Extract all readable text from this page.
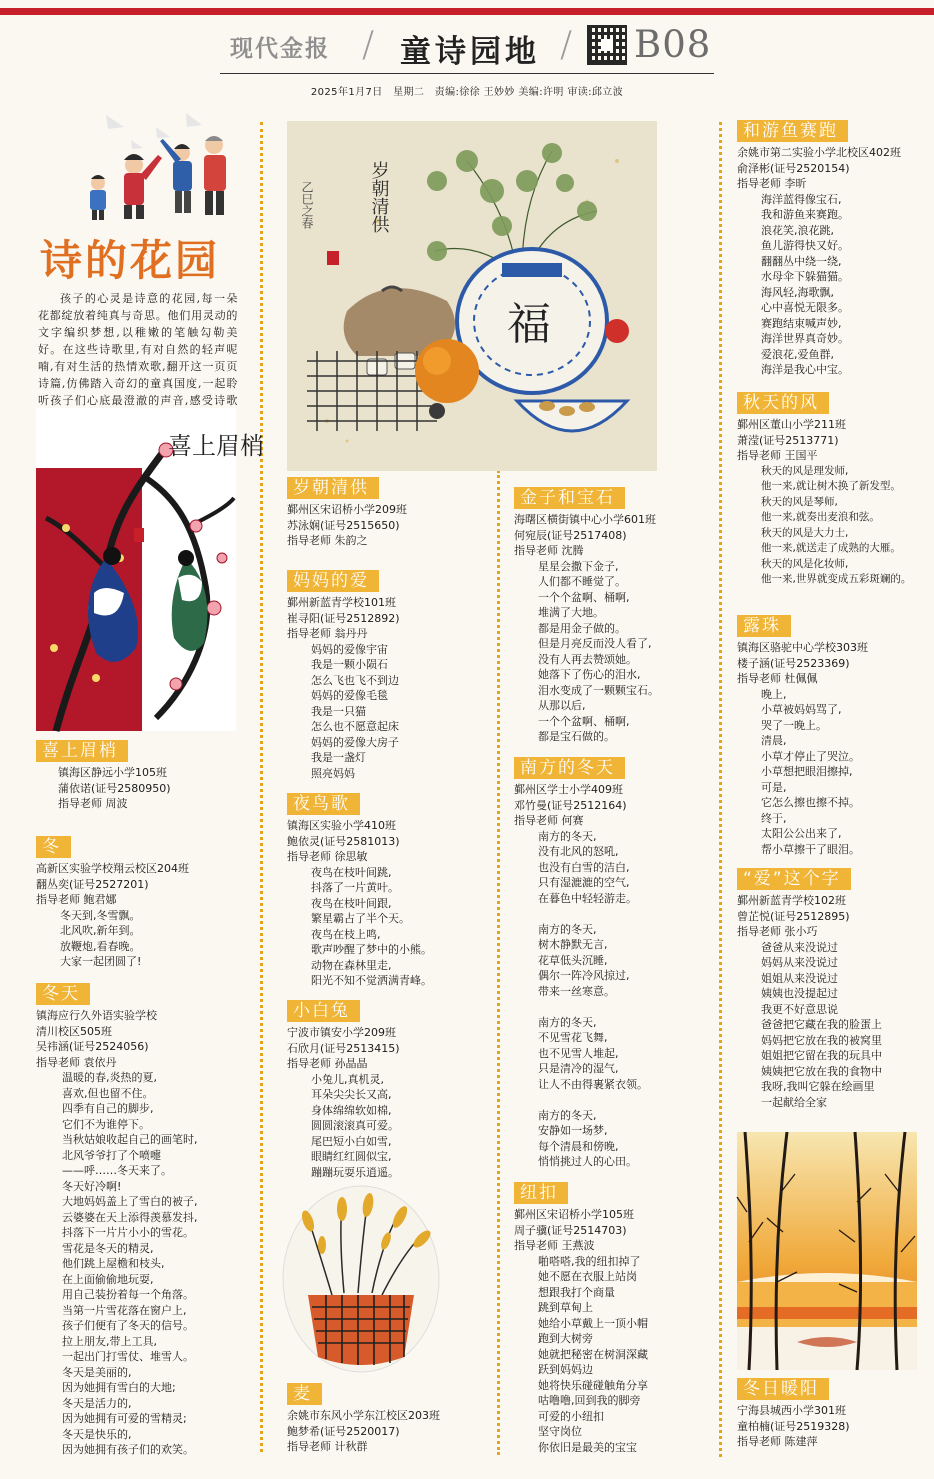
现代金报 / 童诗园地 / B08
2025年1月7日　星期二　责编:徐徐 王妙妙 美编:许明 审读:邱立波
诗的花园
孩子的心灵是诗意的花园,每一朵花都绽放着纯真与奇思。他们用灵动的文字编织梦想,以稚嫩的笔触勾勒美好。在这些诗歌里,有对自然的轻声呢喃,有对生活的热情欢歌,翻开这一页页诗篇,仿佛踏入奇幻的童真国度,一起聆听孩子们心底最澄澈的声音,感受诗歌
喜上眉梢
喜上眉梢
镇海区静远小学105班
蒲依诺(证号2580950)
指导老师 周波
冬
高新区实验学校翔云校区204班
翻丛奕(证号2527201)
指导老师 鲍君娜
冬天到,冬雪飘。
北风吹,新年到。
放鞭炮,看春晚。
大家一起团圆了!
冬天
镇海应行久外语实验学校
清川校区505班
吴祎涵(证号2524056)
指导老师 袁依丹
温暖的春,炎热的夏,
喜欢,但也留不住。
四季有自己的脚步,
它们不为谁停下。
当秋姑娘收起自己的画笔时,
北风爷爷打了个喷嚏
——呼……冬天来了。
冬天好冷啊!
大地妈妈盖上了雪白的被子,
云婆婆在天上添得羡慕发抖,
抖落下一片片小小的雪花。
雪花是冬天的精灵,
他们跳上屋檐和枝头,
在上面偷偷地玩耍,
用自己装扮着每一个角落。
当第一片雪花落在窗户上,
孩子们便有了冬天的信号。
拉上朋友,带上工具,
一起出门打雪仗、堆雪人。
冬天是美丽的,
因为她拥有雪白的大地;
冬天是活力的,
因为她拥有可爱的雪精灵;
冬天是快乐的,
因为她拥有孩子们的欢笑。
岁朝清供
乙巳之春
福
岁朝清供
鄞州区宋诏桥小学209班
苏泳娴(证号2515650)
指导老师 朱韵之
妈妈的爱
鄞州新蓝青学校101班
崔寻阳(证号2512892)
指导老师 翁丹丹
妈妈的爱像宇宙
我是一颗小陨石
怎么飞也飞不到边
妈妈的爱像毛毯
我是一只猫
怎么也不愿意起床
妈妈的爱像大房子
我是一盏灯
照亮妈妈
夜鸟歌
镇海区实验小学410班
鲍依灵(证号2581013)
指导老师 徐思敏
夜鸟在枝叶间跳,
抖落了一片黄叶。
夜鸟在枝叶间跟,
繁星霸占了半个天。
夜鸟在枝上鸣,
歌声吵醒了梦中的小熊。
动物在森林里走,
阳光不知不觉洒满青峰。
小白兔
宁波市镇安小学209班
石欣月(证号2513415)
指导老师 孙晶晶
小兔儿,真机灵,
耳朵尖尖长又高,
身体绵绵软如棉,
圆圆滚滚真可爱。
尾巴短小白如雪,
眼睛红红圆似宝,
蹦蹦玩耍乐逍遥。
麦
余姚市东风小学东江校区203班
鲍梦希(证号2520017)
指导老师 计秋群
金子和宝石
海曙区横街镇中心小学601班
何宛辰(证号2517408)
指导老师 沈腾
星星会撒下金子,
人们都不睡觉了。
一个个盆啊、桶啊,
堆满了大地。
都是用金子做的。
但是月亮反而没人看了,
没有人再去赞颂她。
她落下了伤心的泪水,
泪水变成了一颗颗宝石。
从那以后,
一个个盆啊、桶啊,
都是宝石做的。
南方的冬天
鄞州区学士小学409班
邓竹曼(证号2512164)
指导老师 何赛
南方的冬天,
没有北风的怒吼,
也没有白雪的洁白,
只有湿漉漉的空气,
在暮色中轻轻游走。
南方的冬天,
树木静默无言,
花草低头沉睡,
偶尔一阵冷风掠过,
带来一丝寒意。
南方的冬天,
不见雪花飞舞,
也不见雪人堆起,
只是清冷的湿气,
让人不由得裹紧衣领。
南方的冬天,
安静如一场梦,
每个清晨和傍晚,
悄悄挑过人的心田。
纽扣
鄞州区宋诏桥小学105班
周子骥(证号2514703)
指导老师 王燕波
啪嗒嗒,我的纽扣掉了
她不愿在衣服上站岗
想跟我打个商量
跳到草甸上
她给小草戴上一顶小帽
跑到大树旁
她就把秘密在树洞深藏
跃到妈妈边
她将快乐碰碰触角分享
咕噜噜,回到我的脚旁
可爱的小纽扣
坚守岗位
你依旧是最美的宝宝
和游鱼赛跑
余姚市第二实验小学北校区402班
俞泽彬(证号2520154)
指导老师 李昕
海洋蓝得像宝石,
我和游鱼来赛跑。
浪花笑,浪花跳,
鱼儿游得快又好。
翻翻丛中绕一绕,
水母伞下躲猫猫。
海风轻,海歌飘,
心中喜悦无限多。
赛跑结束喊声妙,
海洋世界真奇妙。
爱浪花,爱鱼群,
海洋是我心中宝。
秋天的风
鄞州区董山小学211班
萧滢(证号2513771)
指导老师 王国平
秋天的风是理发师,
他一来,就让树木换了新发型。
秋天的风是琴师,
他一来,就奏出麦浪和弦。
秋天的风是大力士,
他一来,就送走了成熟的大雁。
秋天的风是化妆师,
他一来,世界就变成五彩斑斓的。
露珠
镇海区骆驼中心学校303班
楼子涵(证号2523369)
指导老师 杜佩佩
晚上,
小草被妈妈骂了,
哭了一晚上。
清晨,
小草才停止了哭泣。
小草想把眼泪擦掉,
可是,
它怎么擦也擦不掉。
终于,
太阳公公出来了,
帮小草擦干了眼泪。
“爱”这个字
鄞州新蓝青学校102班
曾芷悦(证号2512895)
指导老师 张小巧
爸爸从来没说过
妈妈从来没说过
姐姐从来没说过
姨姨也没提起过
我更不好意思说
爸爸把它藏在我的脸蛋上
妈妈把它放在我的被窝里
姐姐把它留在我的玩具中
姨姨把它放在我的食物中
我呀,我叫它躲在绘画里
一起献给全家
冬日暖阳
宁海县城西小学301班
童柏楠(证号2519328)
指导老师 陈建萍
